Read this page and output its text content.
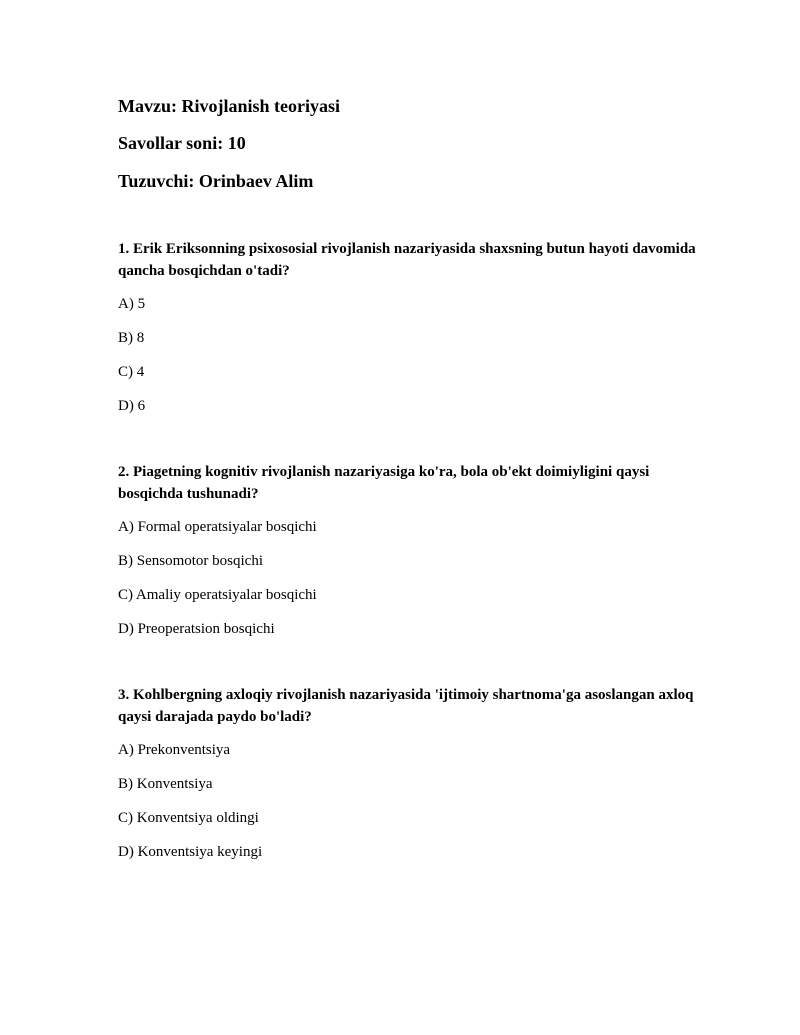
Mavzu: Rivojlanish teoriyasi
Savollar soni: 10
Tuzuvchi: Orinbaev Alim

1. Erik Eriksonning psixososial rivojlanish nazariyasida shaxsning butun hayoti davomida qancha bosqichdan o'tadi?

A) 5

B) 8

C) 4

D) 6

2. Piagetning kognitiv rivojlanish nazariyasiga ko'ra, bola ob'ekt doimiyligini qaysi bosqichda tushunadi?

A) Formal operatsiyalar bosqichi

B) Sensomotor bosqichi

C) Amaliy operatsiyalar bosqichi

D) Preoperatsion bosqichi

3. Kohlbergning axloqiy rivojlanish nazariyasida 'ijtimoiy shartnoma'ga asoslangan axloq qaysi darajada paydo bo'ladi?

A) Prekonventsiya

B) Konventsiya

C) Konventsiya oldingi

D) Konventsiya keyingi
